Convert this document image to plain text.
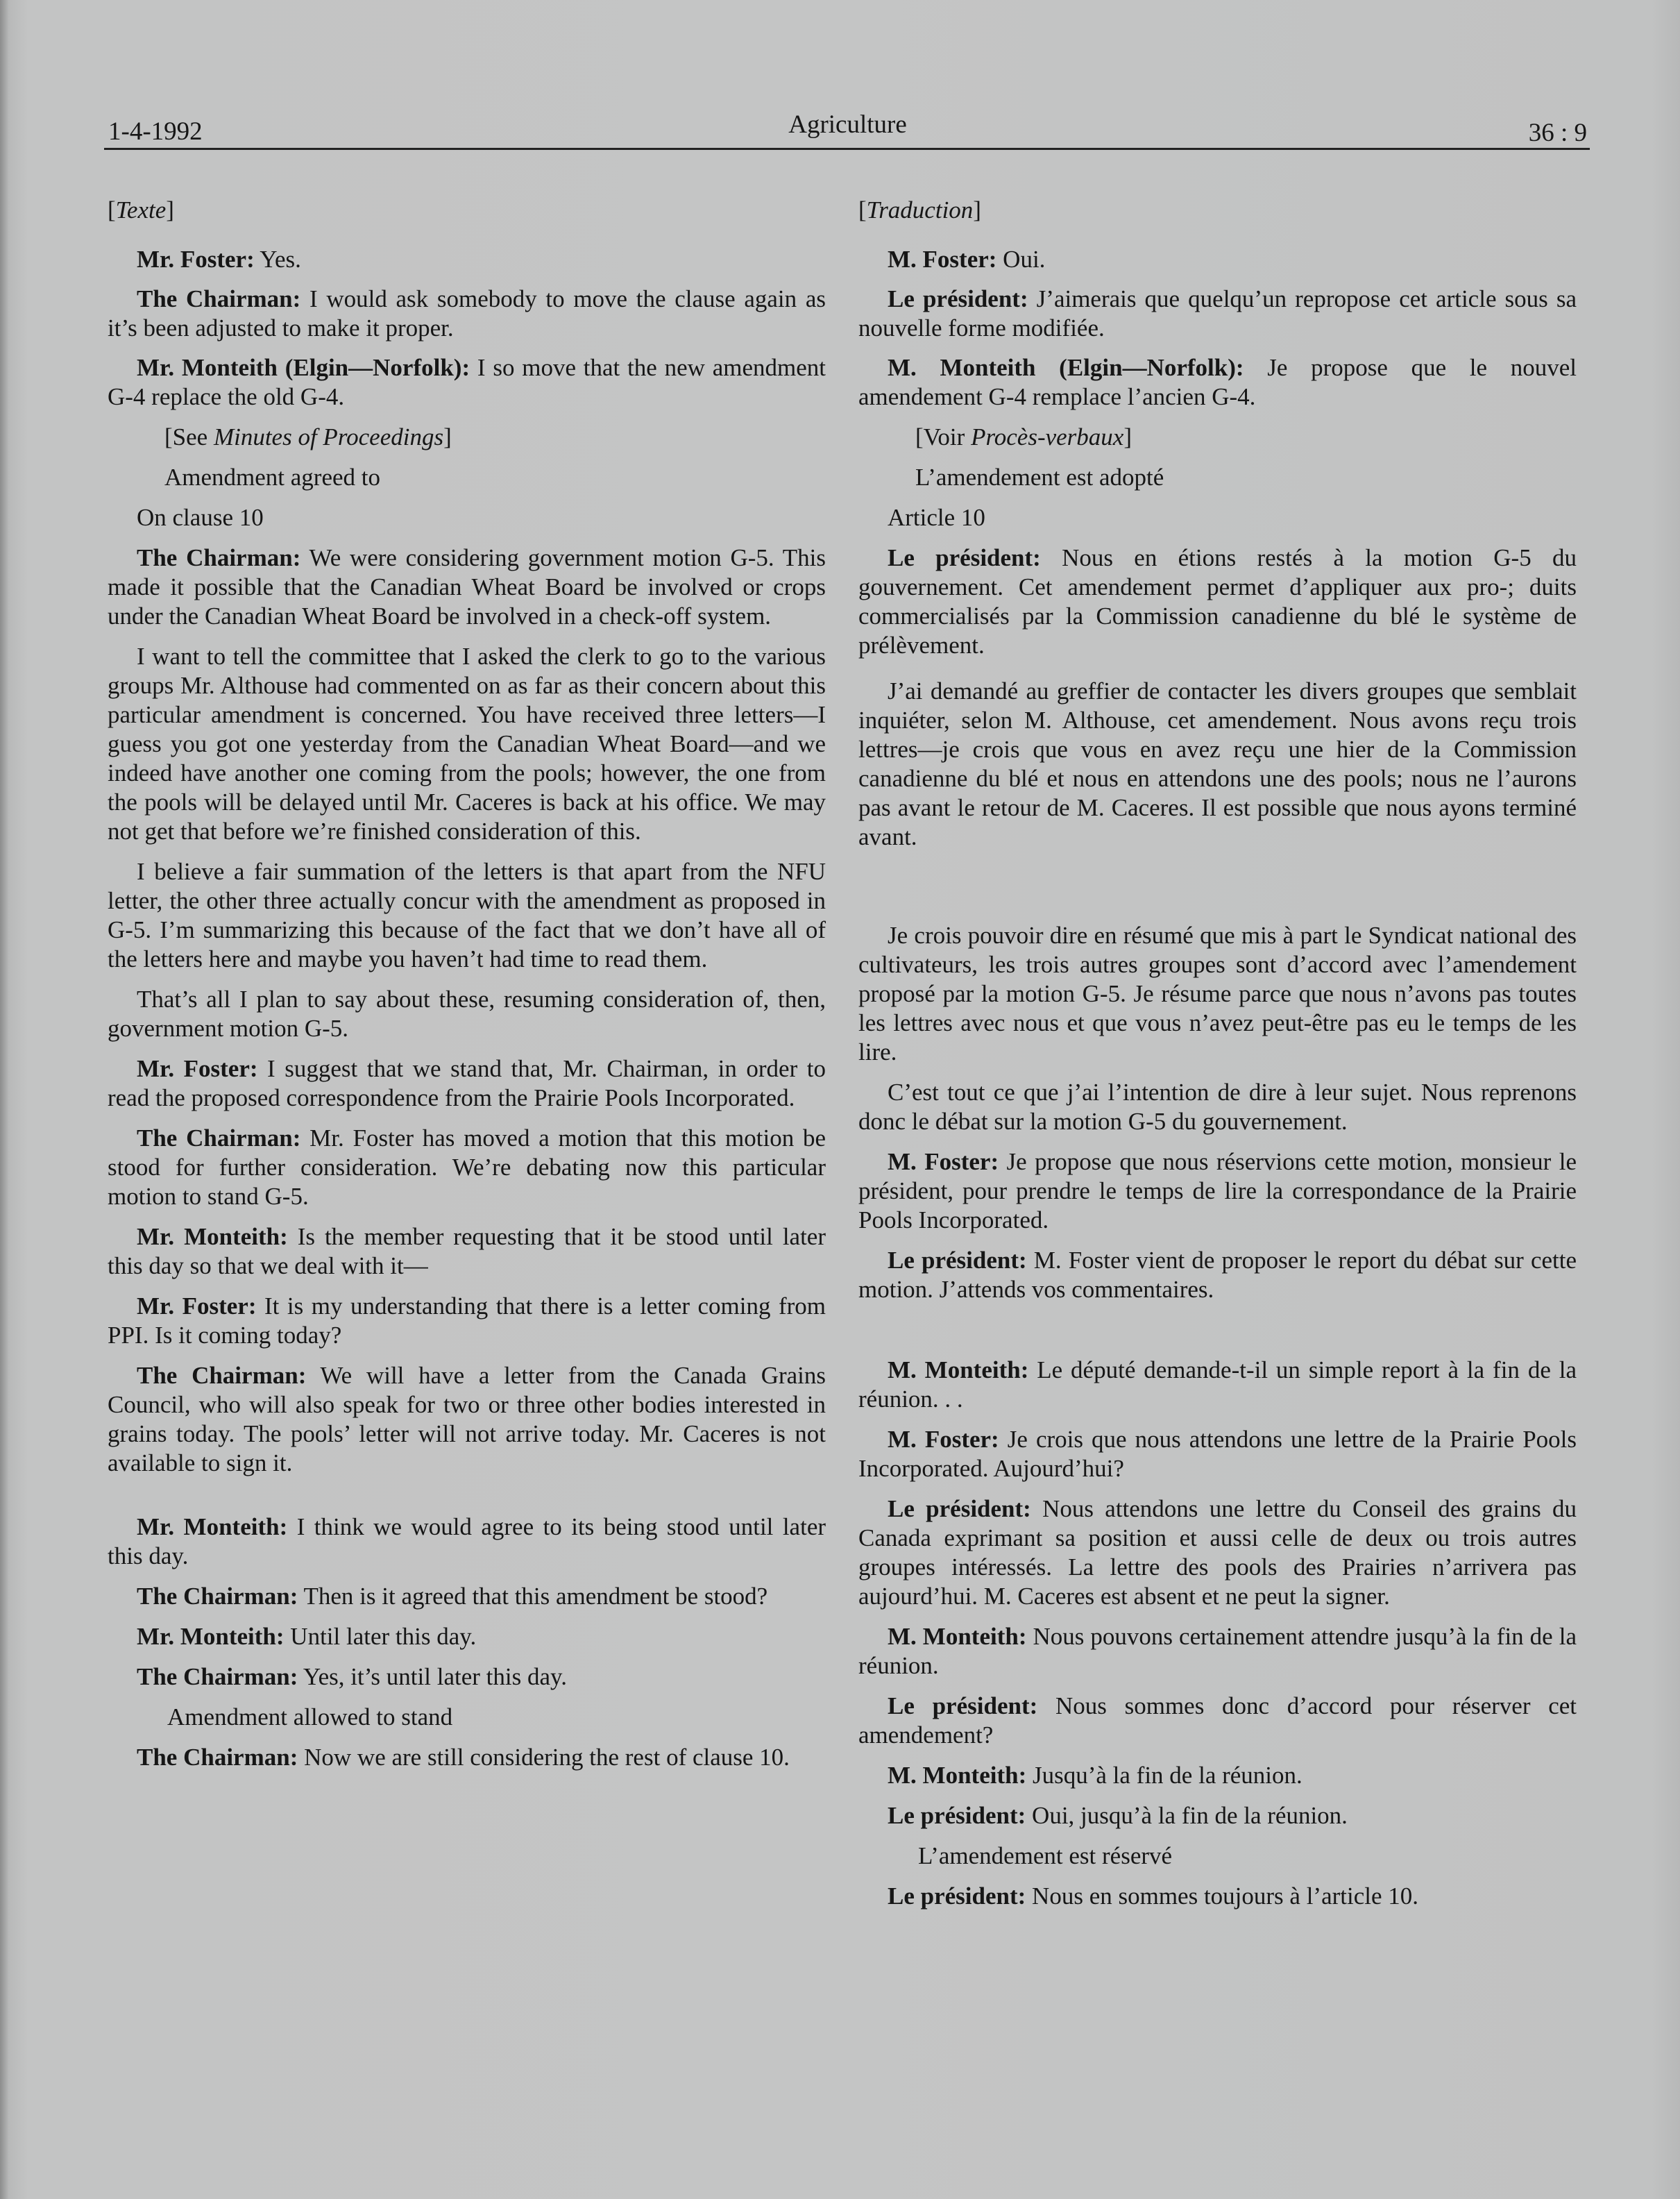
1-4-1992	Agriculture	36 : 9

[Texte]

Mr. Foster: Yes.

The Chairman: I would ask somebody to move the clause again as it’s been adjusted to make it proper.

Mr. Monteith (Elgin—Norfolk): I so move that the new amendment G-4 replace the old G-4.

[See Minutes of Proceedings]

Amendment agreed to

On clause 10

The Chairman: We were considering government motion G-5. This made it possible that the Canadian Wheat Board be involved or crops under the Canadian Wheat Board be involved in a check-off system.

I want to tell the committee that I asked the clerk to go to the various groups Mr. Althouse had commented on as far as their concern about this particular amendment is concerned. You have received three letters—I guess you got one yesterday from the Canadian Wheat Board—and we indeed have another one coming from the pools; however, the one from the pools will be delayed until Mr. Caceres is back at his office. We may not get that before we’re finished consideration of this.

I believe a fair summation of the letters is that apart from the NFU letter, the other three actually concur with the amendment as proposed in G-5. I’m summarizing this because of the fact that we don’t have all of the letters here and maybe you haven’t had time to read them.

That’s all I plan to say about these, resuming consideration of, then, government motion G-5.

Mr. Foster: I suggest that we stand that, Mr. Chairman, in order to read the proposed correspondence from the Prairie Pools Incorporated.

The Chairman: Mr. Foster has moved a motion that this motion be stood for further consideration. We’re debating now this particular motion to stand G-5.

Mr. Monteith: Is the member requesting that it be stood until later this day so that we deal with it—

Mr. Foster: It is my understanding that there is a letter coming from PPI. Is it coming today?

The Chairman: We will have a letter from the Canada Grains Council, who will also speak for two or three other bodies interested in grains today. The pools’ letter will not arrive today. Mr. Caceres is not available to sign it.

Mr. Monteith: I think we would agree to its being stood until later this day.

The Chairman: Then is it agreed that this amendment be stood?

Mr. Monteith: Until later this day.

The Chairman: Yes, it’s until later this day.

Amendment allowed to stand

The Chairman: Now we are still considering the rest of clause 10.

[Traduction]

M. Foster: Oui.

Le président: J’aimerais que quelqu’un repropose cet article sous sa nouvelle forme modifiée.

M. Monteith (Elgin—Norfolk): Je propose que le nouvel amendement G-4 remplace l’ancien G-4.

[Voir Procès-verbaux]

L’amendement est adopté

Article 10

Le président: Nous en étions restés à la motion G-5 du gouvernement. Cet amendement permet d’appliquer aux pro-; duits commercialisés par la Commission canadienne du blé le système de prélèvement.

J’ai demandé au greffier de contacter les divers groupes que semblait inquiéter, selon M. Althouse, cet amendement. Nous avons reçu trois lettres—je crois que vous en avez reçu une hier de la Commission canadienne du blé et nous en attendons une des pools; nous ne l’aurons pas avant le retour de M. Caceres. Il est possible que nous ayons terminé avant.

Je crois pouvoir dire en résumé que mis à part le Syndicat national des cultivateurs, les trois autres groupes sont d’accord avec l’amendement proposé par la motion G-5. Je résume parce que nous n’avons pas toutes les lettres avec nous et que vous n’avez peut-être pas eu le temps de les lire.

C’est tout ce que j’ai l’intention de dire à leur sujet. Nous reprenons donc le débat sur la motion G-5 du gouvernement.

M. Foster: Je propose que nous réservions cette motion, monsieur le président, pour prendre le temps de lire la correspondance de la Prairie Pools Incorporated.

Le président: M. Foster vient de proposer le report du débat sur cette motion. J’attends vos commentaires.

M. Monteith: Le député demande-t-il un simple report à la fin de la réunion. . .

M. Foster: Je crois que nous attendons une lettre de la Prairie Pools Incorporated. Aujourd’hui?

Le président: Nous attendons une lettre du Conseil des grains du Canada exprimant sa position et aussi celle de deux ou trois autres groupes intéressés. La lettre des pools des Prairies n’arrivera pas aujourd’hui. M. Caceres est absent et ne peut la signer.

M. Monteith: Nous pouvons certainement attendre jusqu’à la fin de la réunion.

Le président: Nous sommes donc d’accord pour réserver cet amendement?

M. Monteith: Jusqu’à la fin de la réunion.

Le président: Oui, jusqu’à la fin de la réunion.

L’amendement est réservé

Le président: Nous en sommes toujours à l’article 10.
